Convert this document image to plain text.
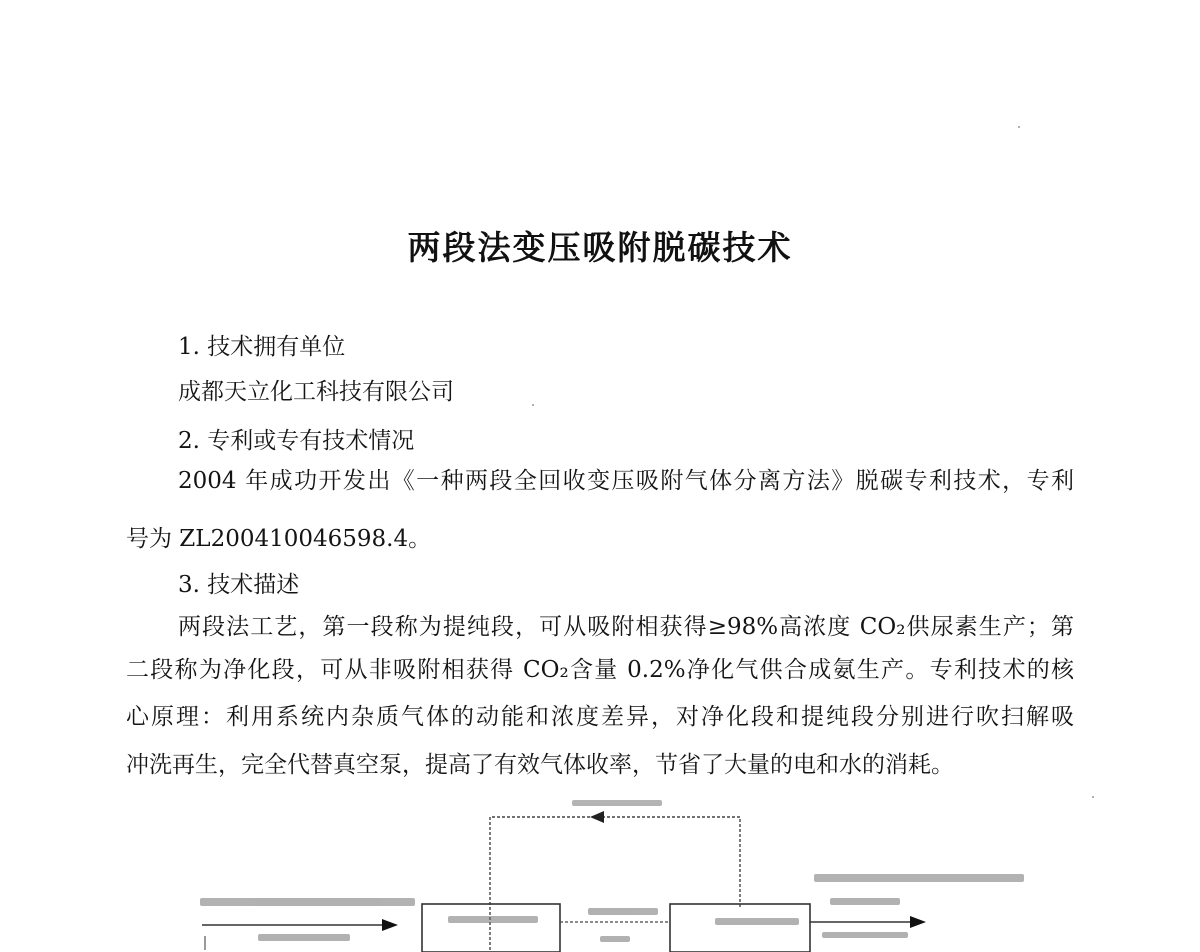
两段法变压吸附脱碳技术
1. 技术拥有单位
成都天立化工科技有限公司
2. 专利或专有技术情况
2004 年成功开发出《一种两段全回收变压吸附气体分离方法》脱碳专利技术，专利
号为 ZL200410046598.4。
3. 技术描述
两段法工艺，第一段称为提纯段，可从吸附相获得≥98%高浓度 CO₂供尿素生产；第
二段称为净化段，可从非吸附相获得 CO₂含量 0.2%净化气供合成氨生产。专利技术的核
心原理：利用系统内杂质气体的动能和浓度差异，对净化段和提纯段分别进行吹扫解吸
冲洗再生，完全代替真空泵，提高了有效气体收率，节省了大量的电和水的消耗。
